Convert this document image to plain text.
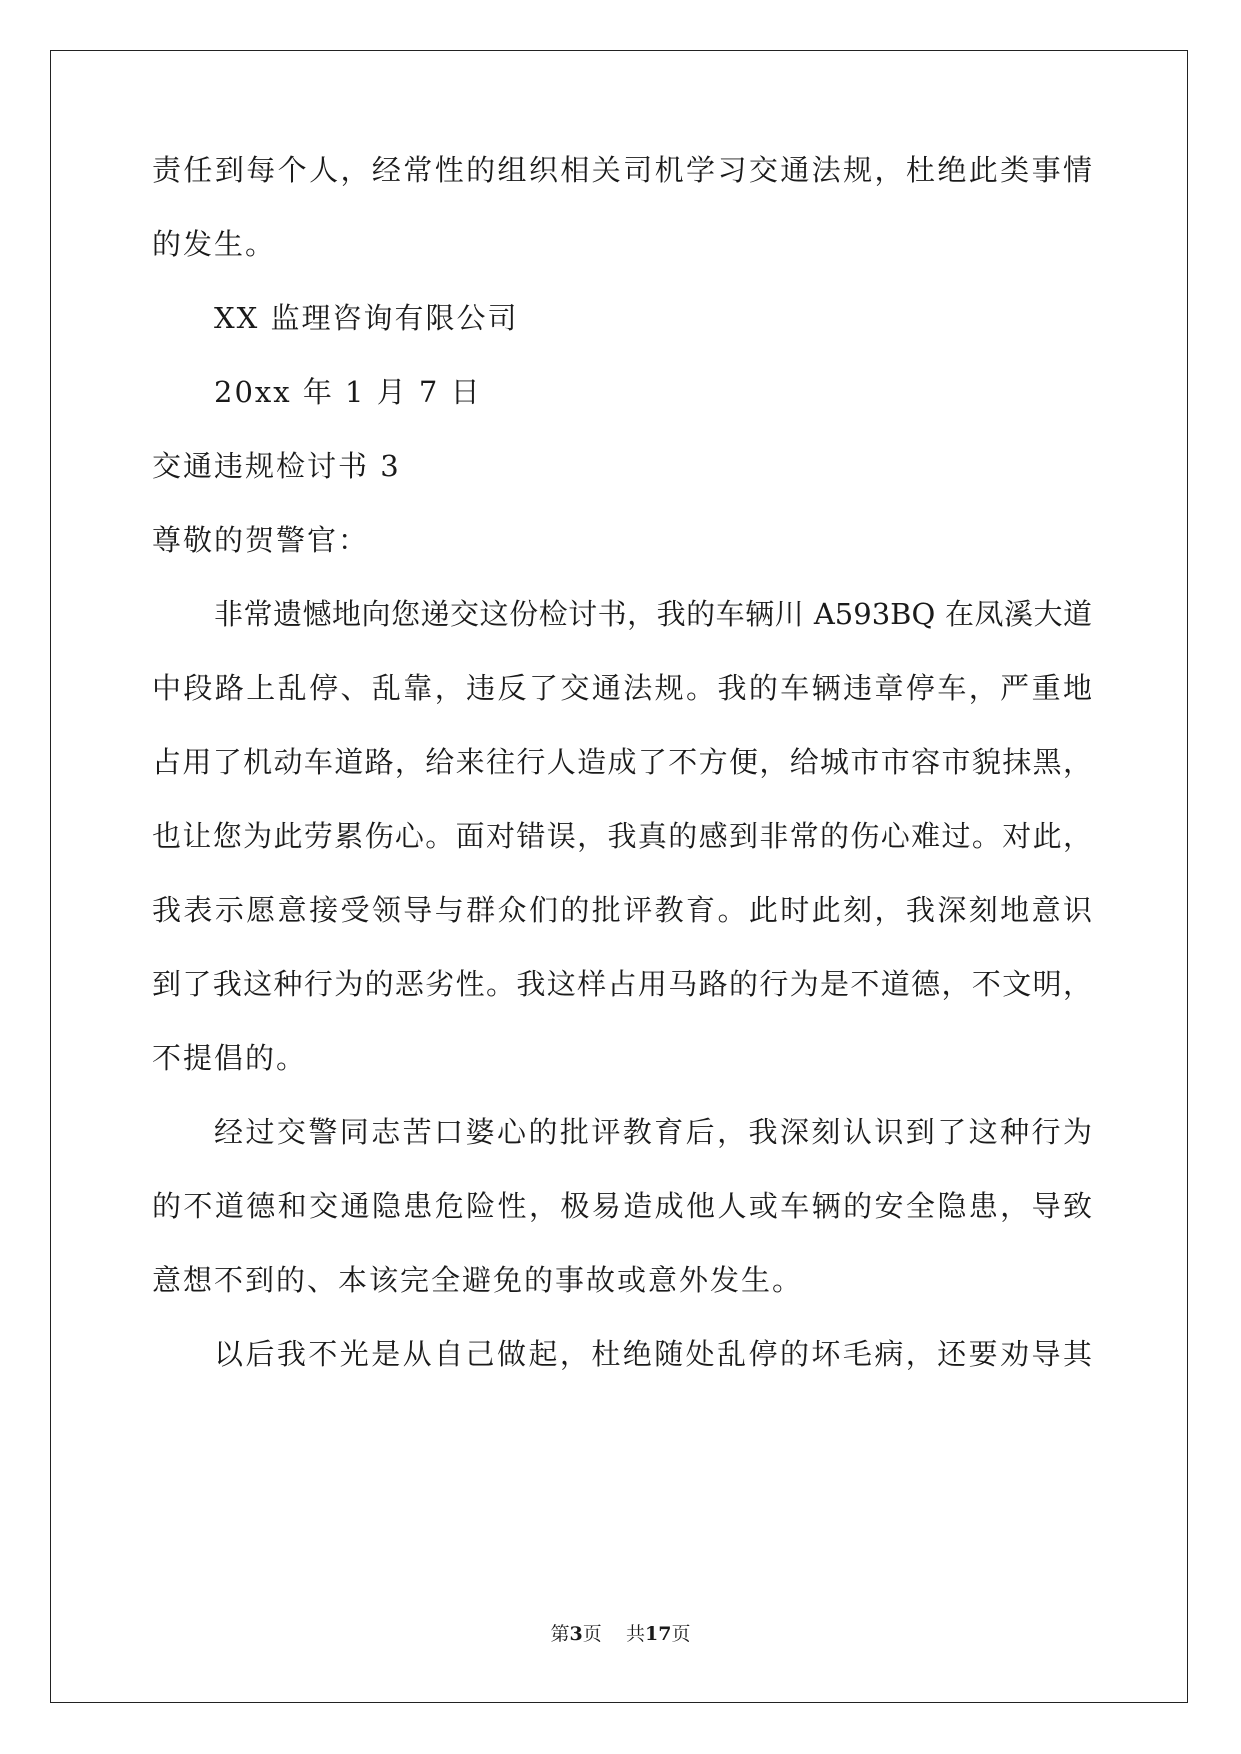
责任到每个人，经常性的组织相关司机学习交通法规，杜绝此类事情
的发生。
XX 监理咨询有限公司
20xx 年 1 月 7 日
交通违规检讨书 3
尊敬的贺警官：
非常遗憾地向您递交这份检讨书，我的车辆川 A593BQ 在凤溪大道
中段路上乱停、乱靠，违反了交通法规。我的车辆违章停车，严重地
占用了机动车道路，给来往行人造成了不方便，给城市市容市貌抹黑，
也让您为此劳累伤心。面对错误，我真的感到非常的伤心难过。对此，
我表示愿意接受领导与群众们的批评教育。此时此刻，我深刻地意识
到了我这种行为的恶劣性。我这样占用马路的行为是不道德，不文明，
不提倡的。
经过交警同志苦口婆心的批评教育后，我深刻认识到了这种行为
的不道德和交通隐患危险性，极易造成他人或车辆的安全隐患，导致
意想不到的、本该完全避免的事故或意外发生。
以后我不光是从自己做起，杜绝随处乱停的坏毛病，还要劝导其
第3页 共17页
